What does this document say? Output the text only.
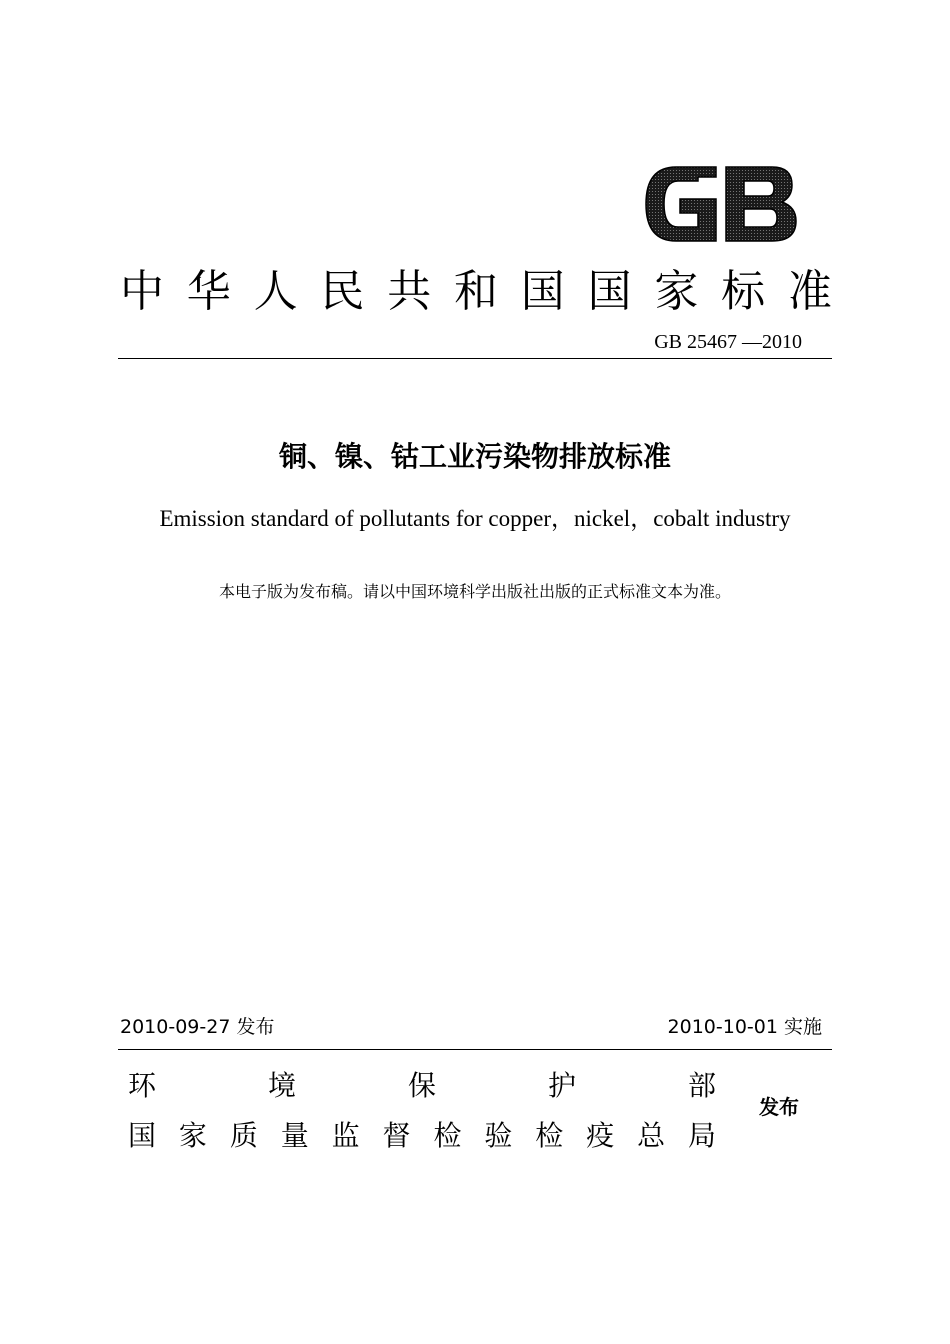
中 华 人 民 共 和 国 国 家 标 准
GB 25467 —2010
铜、镍、钴工业污染物排放标准
Emission standard of pollutants for copper，nickel，cobalt industry
本电子版为发布稿。请以中国环境科学出版社出版的正式标准文本为准。
2010-09-27 发布	2010-10-01 实施
环	境	保	护	部
国 家 质 量 监 督 检 验 检 疫 总 局
发布
